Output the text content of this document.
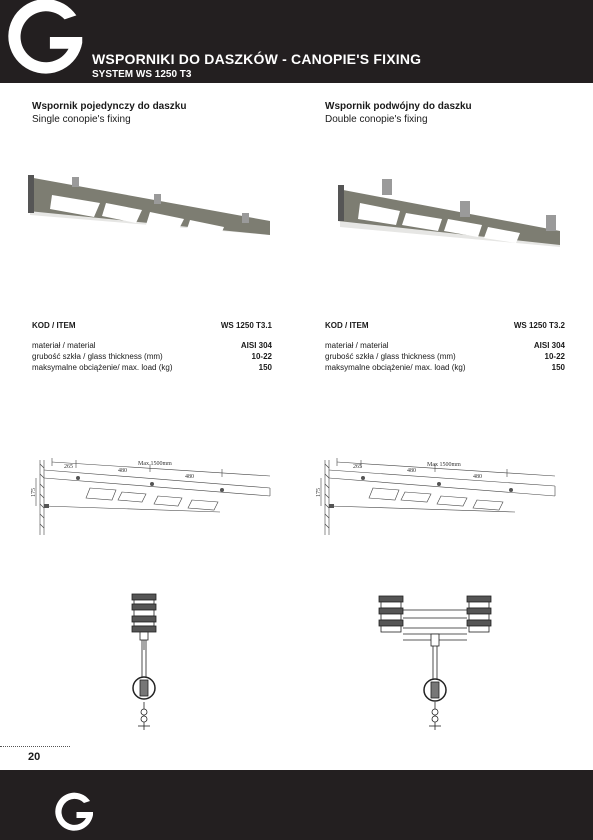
WSPORNIKI DO DASZKÓW - CANOPIE'S FIXING
SYSTEM WS 1250 T3
Wspornik pojedynczy do daszku
Single conopie's fixing
Wspornik podwójny do daszku
Double conopie's fixing
KOD / ITEM	WS 1250 T3.1
materiał / material	AISI 304
grubość szkła / glass thickness (mm)	10-22
maksymalne obciążenie/ max. load (kg)	150
KOD / ITEM	WS 1250 T3.2
materiał / material	AISI 304
grubość szkła / glass thickness (mm)	10-22
maksymalne obciążenie/ max. load (kg)	150
Max 1500mm
265
480
480
175
Max 1500mm
265
480
480
175
20
